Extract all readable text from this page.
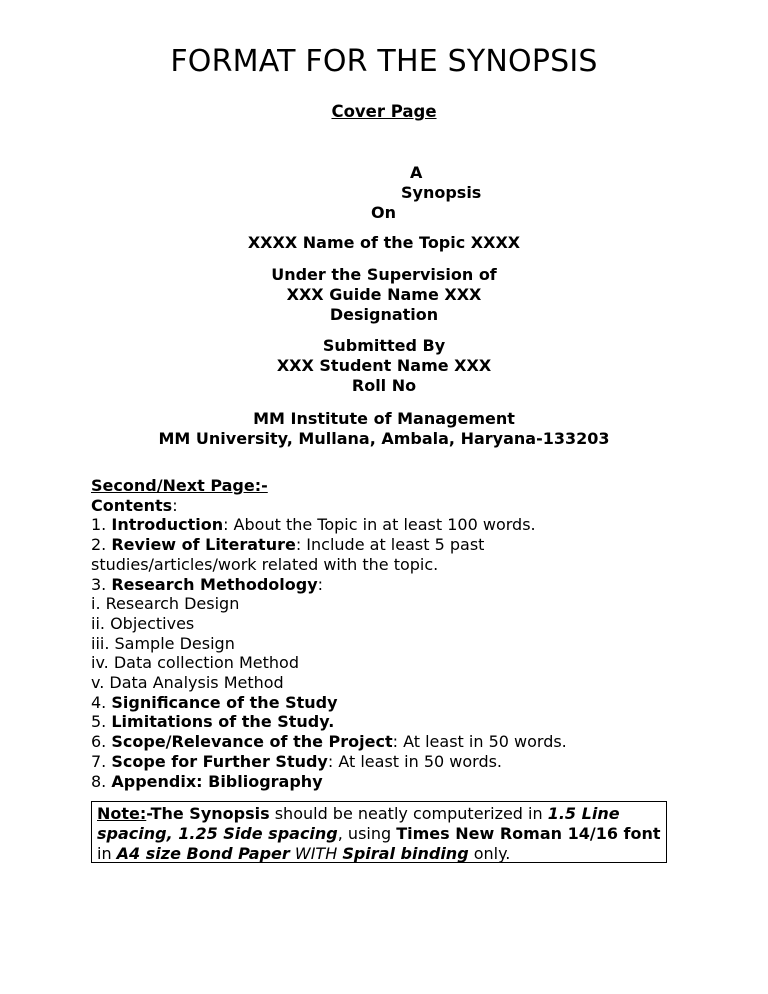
FORMAT FOR THE SYNOPSIS
Cover Page
A
Synopsis
On
XXXX Name of the Topic XXXX
Under the Supervision of
XXX Guide Name XXX
Designation
Submitted By
XXX Student Name XXX
Roll No
MM Institute of Management
MM University, Mullana, Ambala, Haryana-133203
Second/Next Page:-
Contents:
1. Introduction: About the Topic in at least 100 words.
2. Review of Literature: Include at least 5 past
studies/articles/work related with the topic.
3. Research Methodology:
i. Research Design
ii. Objectives
iii. Sample Design
iv. Data collection Method
v. Data Analysis Method
4. Significance of the Study
5. Limitations of the Study.
6. Scope/Relevance of the Project: At least in 50 words.
7. Scope for Further Study: At least in 50 words.
8. Appendix: Bibliography
Note:-The Synopsis should be neatly computerized in 1.5 Line spacing, 1.25 Side spacing, using Times New Roman 14/16 font in A4 size Bond Paper WITH Spiral binding only.
